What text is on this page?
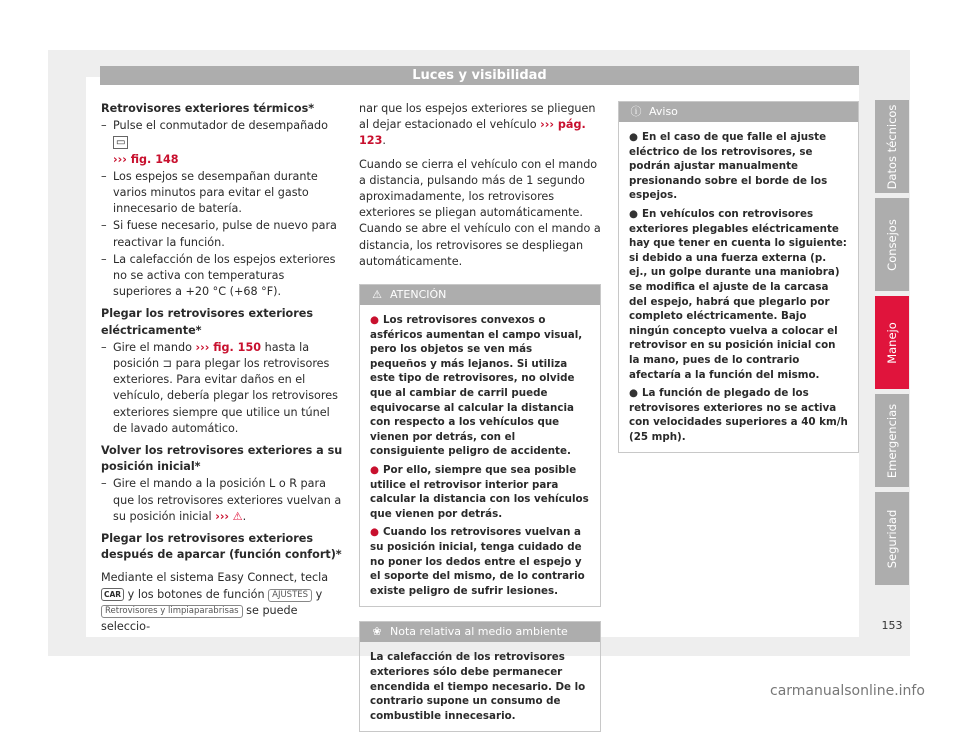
Luces y visibilidad
Retrovisores exteriores térmicos*
– Pulse el conmutador de desempañado ▭
››› fig. 148
– Los espejos se desempañan durante varios minutos para evitar el gasto innecesario de batería.
– Si fuese necesario, pulse de nuevo para reactivar la función.
– La calefacción de los espejos exteriores no se activa con temperaturas superiores a +20 °C (+68 °F).
Plegar los retrovisores exteriores eléctricamente*
– Gire el mando ››› fig. 150 hasta la posición ⊐ para plegar los retrovisores exteriores. Para evitar daños en el vehículo, debería plegar los retrovisores exteriores siempre que utilice un túnel de lavado automático.
Volver los retrovisores exteriores a su posición inicial*
– Gire el mando a la posición L o R para que los retrovisores exteriores vuelvan a su posición inicial ››› ⚠.
Plegar los retrovisores exteriores después de aparcar (función confort)*
Mediante el sistema Easy Connect, tecla CAR y los botones de función AJUSTES y Retrovisores y limpiaparabrisas se puede seleccio-
nar que los espejos exteriores se plieguen al dejar estacionado el vehículo ››› pág. 123.
Cuando se cierra el vehículo con el mando a distancia, pulsando más de 1 segundo aproximadamente, los retrovisores exteriores se pliegan automáticamente. Cuando se abre el vehículo con el mando a distancia, los retrovisores se despliegan automáticamente.
⚠ ATENCIÓN
● Los retrovisores convexos o asféricos aumentan el campo visual, pero los objetos se ven más pequeños y más lejanos. Si utiliza este tipo de retrovisores, no olvide que al cambiar de carril puede equivocarse al calcular la distancia con respecto a los vehículos que vienen por detrás, con el consiguiente peligro de accidente.
● Por ello, siempre que sea posible utilice el retrovisor interior para calcular la distancia con los vehículos que vienen por detrás.
● Cuando los retrovisores vuelvan a su posición inicial, tenga cuidado de no poner los dedos entre el espejo y el soporte del mismo, de lo contrario existe peligro de sufrir lesiones.
❀ Nota relativa al medio ambiente
La calefacción de los retrovisores exteriores sólo debe permanecer encendida el tiempo necesario. De lo contrario supone un consumo de combustible innecesario.
ⓘ Aviso
● En el caso de que falle el ajuste eléctrico de los retrovisores, se podrán ajustar manualmente presionando sobre el borde de los espejos.
● En vehículos con retrovisores exteriores plegables eléctricamente hay que tener en cuenta lo siguiente: si debido a una fuerza externa (p. ej., un golpe durante una maniobra) se modifica el ajuste de la carcasa del espejo, habrá que plegarlo por completo eléctricamente. Bajo ningún concepto vuelva a colocar el retrovisor en su posición inicial con la mano, pues de lo contrario afectaría a la función del mismo.
● La función de plegado de los retrovisores exteriores no se activa con velocidades superiores a 40 km/h (25 mph).
Datos técnicos
Consejos
Manejo
Emergencias
Seguridad
153
carmanualsonline.info
